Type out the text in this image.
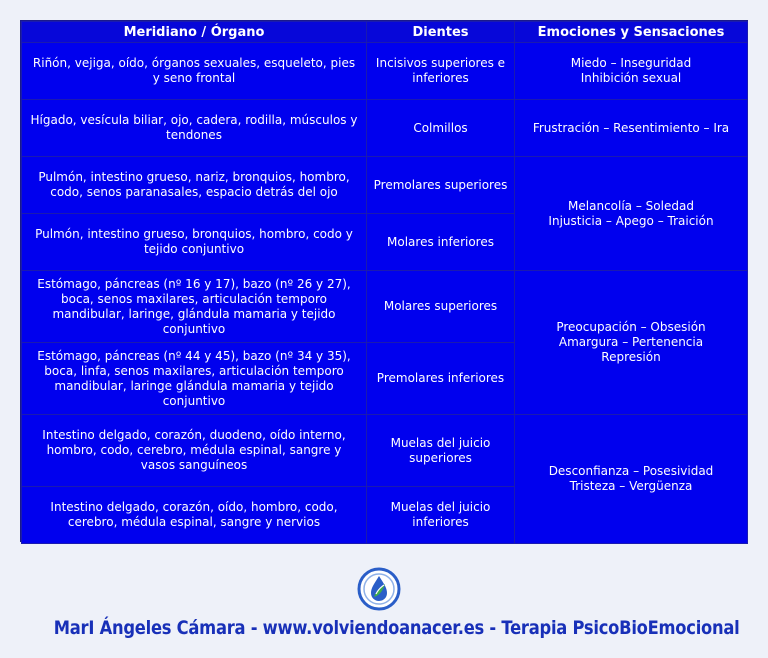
Meridiano / Órgano	Dientes	Emociones y Sensaciones
Riñón, vejiga, oído, órganos sexuales, esqueleto, pies y seno frontal	Incisivos superiores e inferiores	Miedo – Inseguridad
Inhibición sexual

Hígado, vesícula biliar, ojo, cadera, rodilla, músculos y tendones	Colmillos	Frustración – Resentimiento – Ira

Pulmón, intestino grueso, nariz, bronquios, hombro, codo, senos paranasales, espacio detrás del ojo	Premolares superiores	Melancolía – Soledad
Injusticia – Apego – Traición

Pulmón, intestino grueso, bronquios, hombro, codo y tejido conjuntivo	Molares inferiores	
Estómago, páncreas (nº 16 y 17), bazo (nº 26 y 27), boca, senos maxilares, articulación temporo mandibular, laringe, glándula mamaria y tejido conjuntivo	Molares superiores	Preocupación – Obsesión
Amargura – Pertenencia
Represión

Estómago, páncreas (nº 44 y 45), bazo (nº 34 y 35), boca, linfa, senos maxilares, articulación temporo mandibular, laringe glándula mamaria y tejido conjuntivo	Premolares inferiores	
Intestino delgado, corazón, duodeno, oído interno, hombro, codo, cerebro, médula espinal, sangre y vasos sanguíneos	Muelas del juicio superiores	Desconfianza – Posesividad
Tristeza – Vergüenza

Intestino delgado, corazón, oído, hombro, codo, cerebro, médula espinal, sangre y nervios	Muelas del juicio inferiores	
MarI Ángeles Cámara - www.volviendoanacer.es - Terapia PsicoBioEmocional
